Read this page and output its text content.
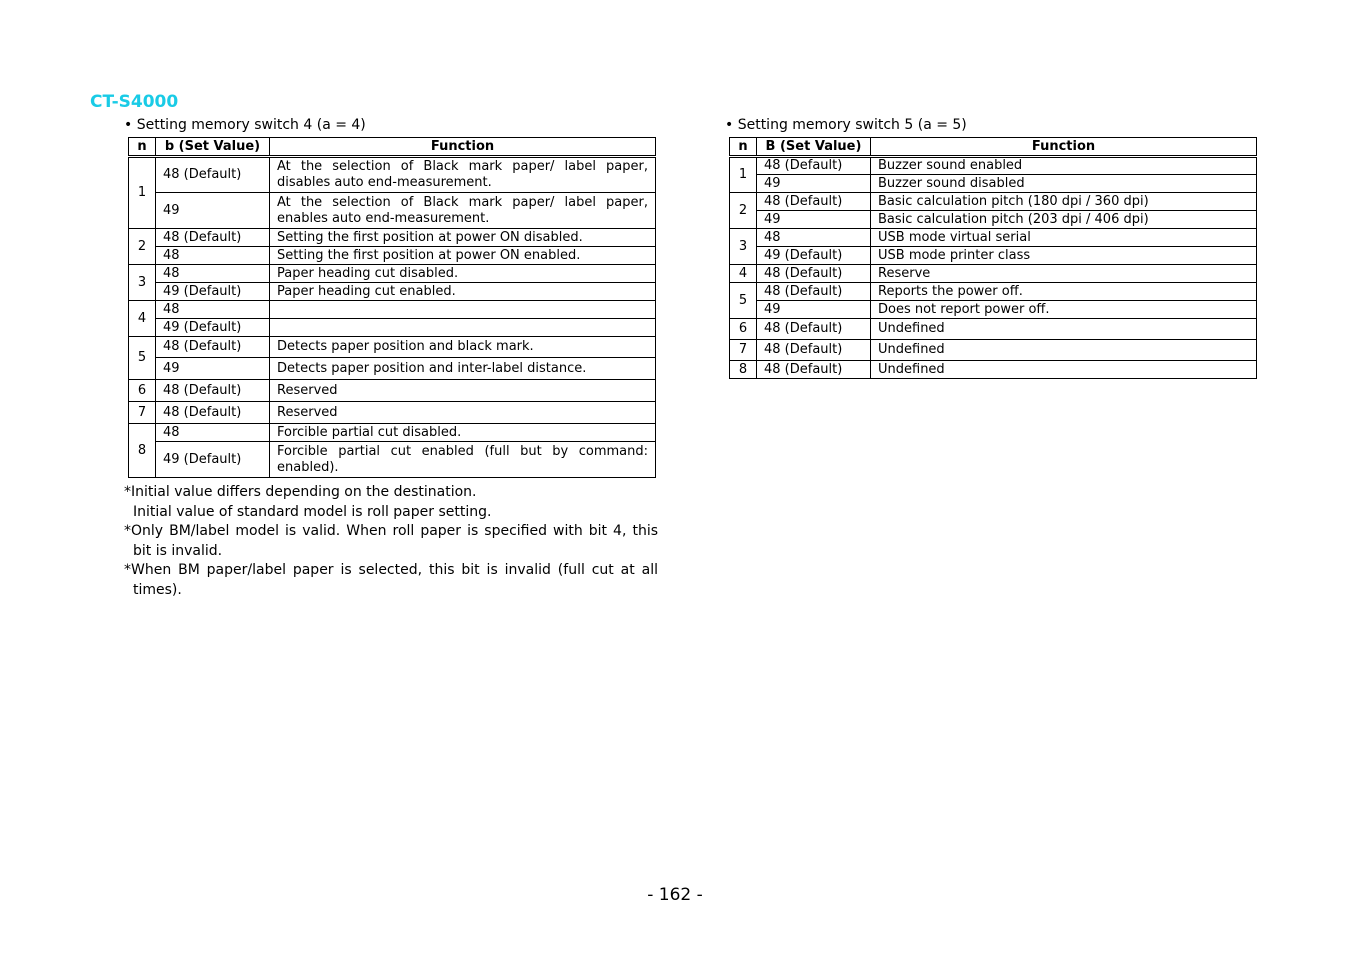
CT-S4000
• Setting memory switch 4 (a = 4)
n	b (Set Value)	Function
1	48 (Default)	At the selection of Black mark paper/ label paper, disables auto end-measurement.
	49	At the selection of Black mark paper/ label paper, enables auto end-measurement.
2	48 (Default)	Setting the first position at power ON disabled.
	48	Setting the first position at power ON enabled.
3	48	Paper heading cut disabled.
	49 (Default)	Paper heading cut enabled.
4	48	
	49 (Default)	
5	48 (Default)	Detects paper position and black mark.
	49	Detects paper position and inter-label distance.
6	48 (Default)	Reserved
7	48 (Default)	Reserved
8	48	Forcible partial cut disabled.
	49 (Default)	Forcible partial cut enabled (full but by command: enabled).
*Initial value differs depending on the destination.
Initial value of standard model is roll paper setting.
*Only BM/label model is valid. When roll paper is specified with bit 4, this bit is invalid.
*When BM paper/label paper is selected, this bit is invalid (full cut at all times).
• Setting memory switch 5 (a = 5)
n	B (Set Value)	Function
1	48 (Default)	Buzzer sound enabled
	49	Buzzer sound disabled
2	48 (Default)	Basic calculation pitch (180 dpi / 360 dpi)
	49	Basic calculation pitch (203 dpi / 406 dpi)
3	48	USB mode virtual serial
	49 (Default)	USB mode printer class
4	48 (Default)	Reserve
5	48 (Default)	Reports the power off.
	49	Does not report power off.
6	48 (Default)	Undefined
7	48 (Default)	Undefined
8	48 (Default)	Undefined
- 162 -
